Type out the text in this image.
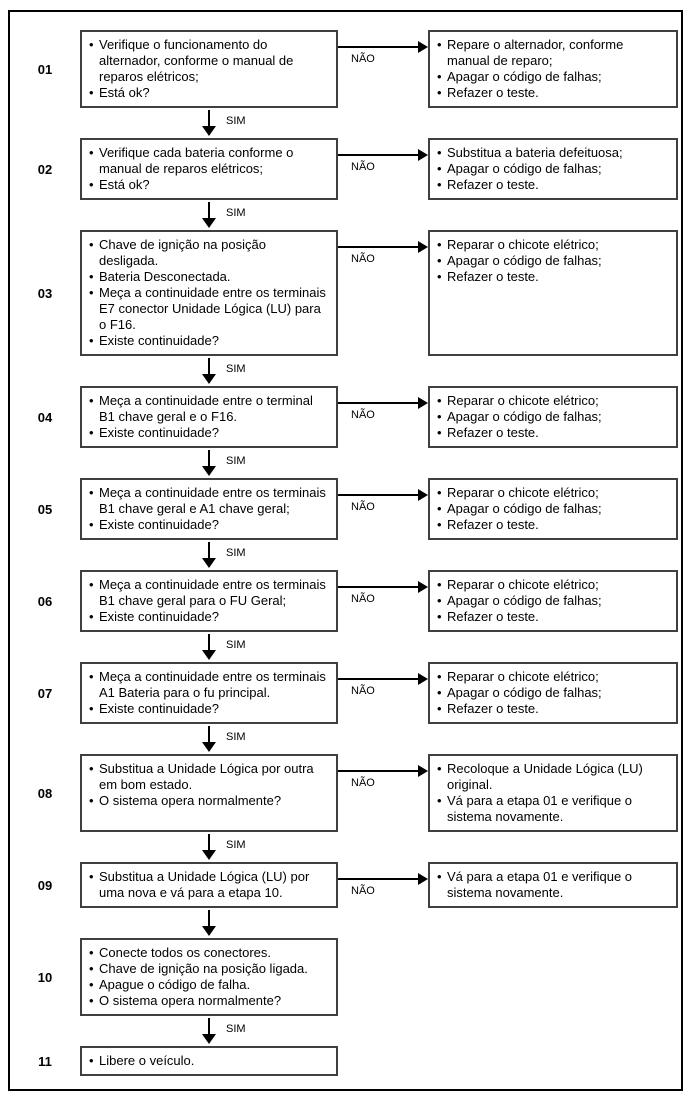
01
• Verifique o funcionamento do alternador, conforme o manual de reparos elétricos;
• Está ok?
NÃO
• Repare o alternador, conforme manual de reparo;
• Apagar o código de falhas;
• Refazer o teste.
SIM
02
• Verifique cada bateria conforme o manual de reparos elétricos;
• Está ok?
NÃO
• Substitua a bateria defeituosa;
• Apagar o código de falhas;
• Refazer o teste.
SIM
03
• Chave de ignição na posição desligada.
• Bateria Desconectada.
• Meça a continuidade entre os terminais E7 conector Unidade Lógica (LU) para o F16.
• Existe continuidade?
NÃO
• Reparar o chicote elétrico;
• Apagar o código de falhas;
• Refazer o teste.
SIM
04
• Meça a continuidade entre o terminal B1 chave geral e o F16.
• Existe continuidade?
NÃO
• Reparar o chicote elétrico;
• Apagar o código de falhas;
• Refazer o teste.
SIM
05
• Meça a continuidade entre os terminais B1 chave geral e A1 chave geral;
• Existe continuidade?
NÃO
• Reparar o chicote elétrico;
• Apagar o código de falhas;
• Refazer o teste.
SIM
06
• Meça a continuidade entre os terminais B1 chave geral para o FU Geral;
• Existe continuidade?
NÃO
• Reparar o chicote elétrico;
• Apagar o código de falhas;
• Refazer o teste.
SIM
07
• Meça a continuidade entre os terminais A1 Bateria para o fu principal.
• Existe continuidade?
NÃO
• Reparar o chicote elétrico;
• Apagar o código de falhas;
• Refazer o teste.
SIM
08
• Substitua a Unidade Lógica por outra em bom estado.
• O sistema opera normalmente?
NÃO
• Recoloque a Unidade Lógica (LU) original.
• Vá para a etapa 01 e verifique o sistema novamente.
SIM
09
• Substitua a Unidade Lógica (LU) por uma nova e vá para a etapa 10.	NÃO
• Vá para a etapa 01 e verifique o sistema novamente.
10
• Conecte todos os conectores.
• Chave de ignição na posição ligada.
• Apague o código de falha.
• O sistema opera normalmente?
SIM
11	• Libere o veículo.
